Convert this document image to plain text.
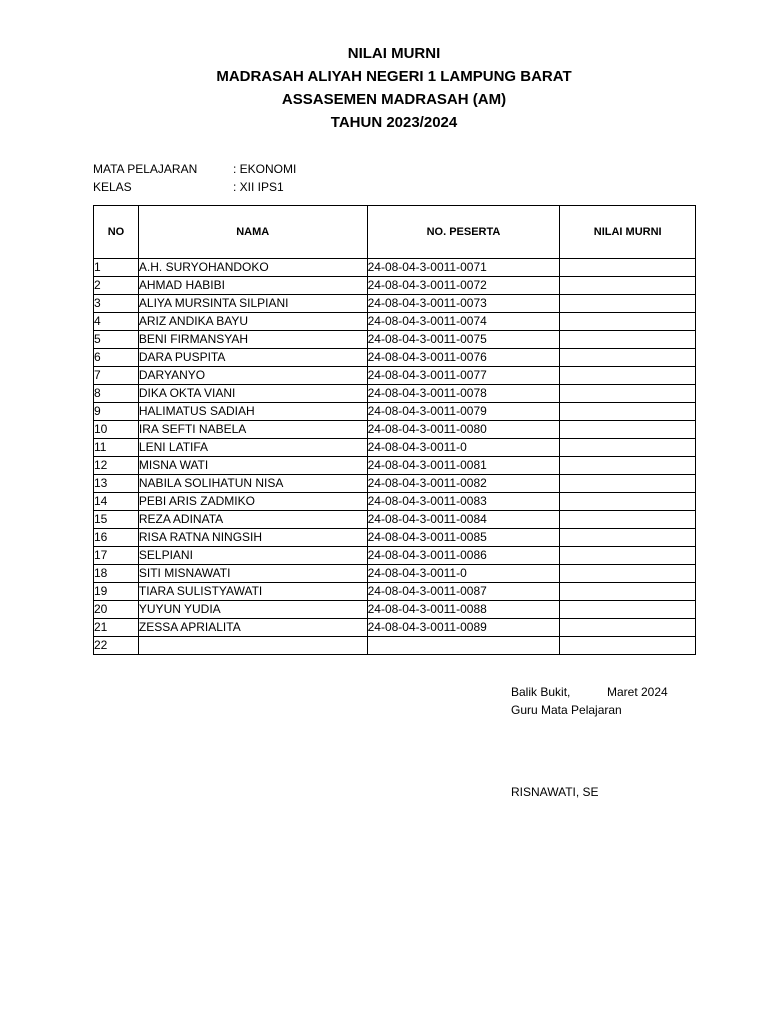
NILAI MURNI
MADRASAH ALIYAH NEGERI 1 LAMPUNG BARAT
ASSASEMEN MADRASAH (AM)
TAHUN 2023/2024
MATA PELAJARAN	: EKONOMI
KELAS	: XII IPS1
NO	NAMA	NO. PESERTA	NILAI MURNI
1	A.H. SURYOHANDOKO	24-08-04-3-0011-0071	
2	AHMAD HABIBI	24-08-04-3-0011-0072	
3	ALIYA MURSINTA SILPIANI	24-08-04-3-0011-0073	
4	ARIZ ANDIKA BAYU	24-08-04-3-0011-0074	
5	BENI FIRMANSYAH	24-08-04-3-0011-0075	
6	DARA PUSPITA	24-08-04-3-0011-0076	
7	DARYANYO	24-08-04-3-0011-0077	
8	DIKA OKTA VIANI	24-08-04-3-0011-0078	
9	HALIMATUS SADIAH	24-08-04-3-0011-0079	
10	IRA SEFTI NABELA	24-08-04-3-0011-0080	
11	LENI LATIFA	24-08-04-3-0011-0	
12	MISNA WATI	24-08-04-3-0011-0081	
13	NABILA SOLIHATUN NISA	24-08-04-3-0011-0082	
14	PEBI ARIS ZADMIKO	24-08-04-3-0011-0083	
15	REZA ADINATA	24-08-04-3-0011-0084	
16	RISA RATNA NINGSIH	24-08-04-3-0011-0085	
17	SELPIANI	24-08-04-3-0011-0086	
18	SITI MISNAWATI	24-08-04-3-0011-0	
19	TIARA SULISTYAWATI	24-08-04-3-0011-0087	
20	YUYUN YUDIA	24-08-04-3-0011-0088	
21	ZESSA APRIALITA	24-08-04-3-0011-0089	
22			
Balik Bukit,	Maret 2024
Guru Mata Pelajaran
RISNAWATI, SE
